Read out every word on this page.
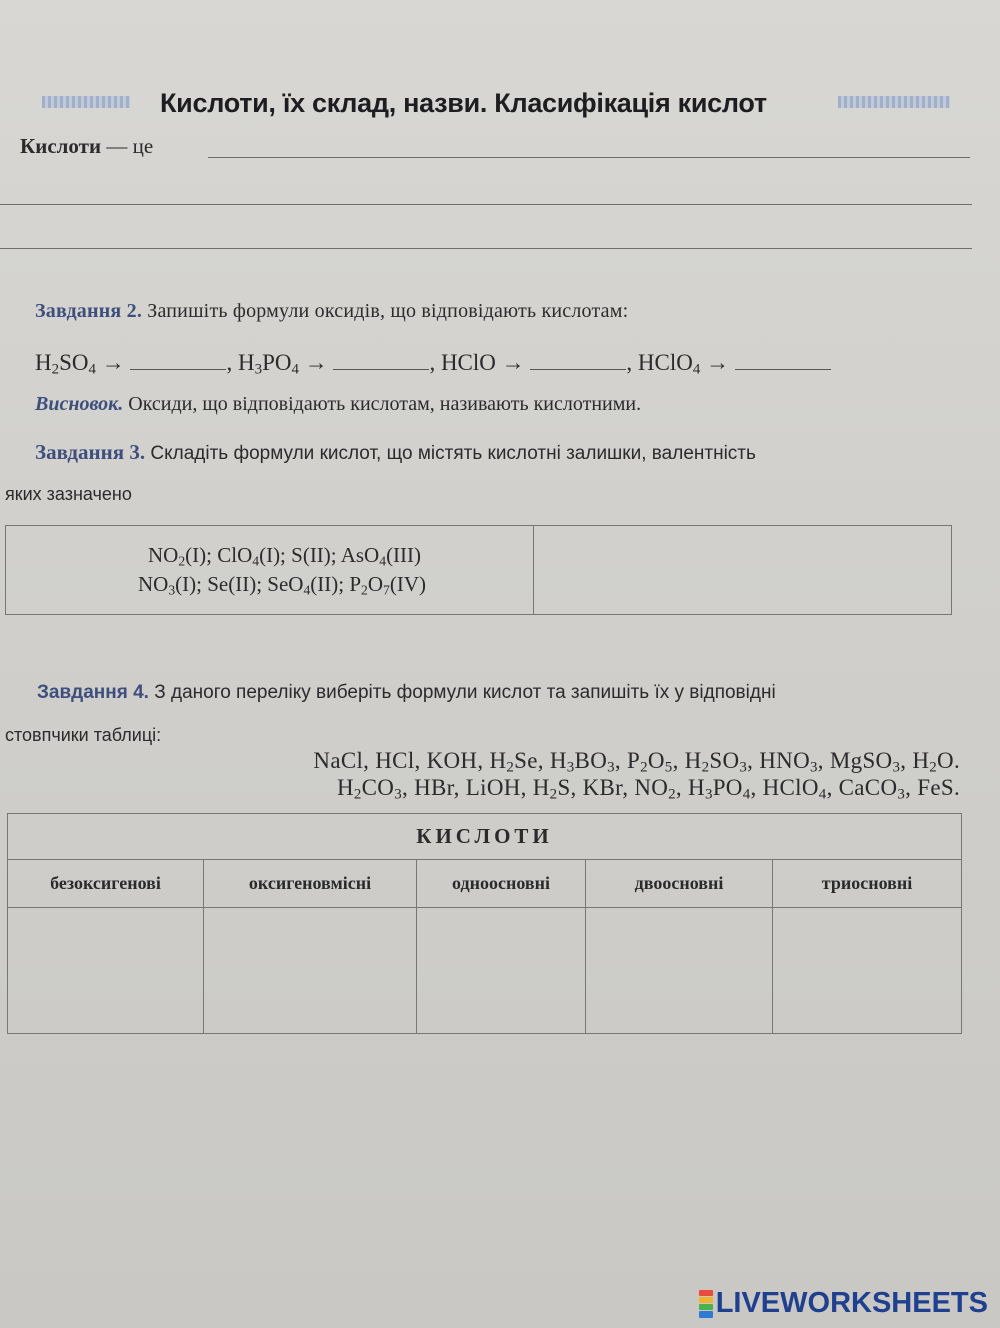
Кислоти, їх склад, назви. Класифікація кислот
Кислоти — це
Завдання 2. Запишіть формули оксидів, що відповідають кислотам:
$H_2SO_4$ →	, $H_3PO_4$ →	, HClO →	, HClO$_4$ →
Висновок. Оксиди, що відповідають кислотам, називають кислотними.
Завдання 3. Складіть формули кислот, що містять кислотні залишки, валентність
яких зазначено
$NO_2(I)$; ClO$_4$(I); S(II); AsO$_4$(III)
$NO_3(I)$; Se(II); SeO$_4$(II); $P_2O_7(IV)$
Завдання 4. З даного переліку виберіть формули кислот та запишіть їх у відповідні
стовпчики таблиці:
NaCl, HCl, KOH, $H_2Se$, $H_3BO_3$, $P_2O_5$, $H_2SO_3$, $HNO_3$, MgSO$_3$, $H_2O$.
$H_2CO_3$, HBr, LiOH, $H_2S$, KBr, $NO_2$, $H_3PO_4$, HClO$_4$, CaCO$_3$, FeS.
КИСЛОТИ				
безоксигенові	оксигеновмісні	одноосновні	двоосновні	триосновні

LIVEWORKSHEETS
